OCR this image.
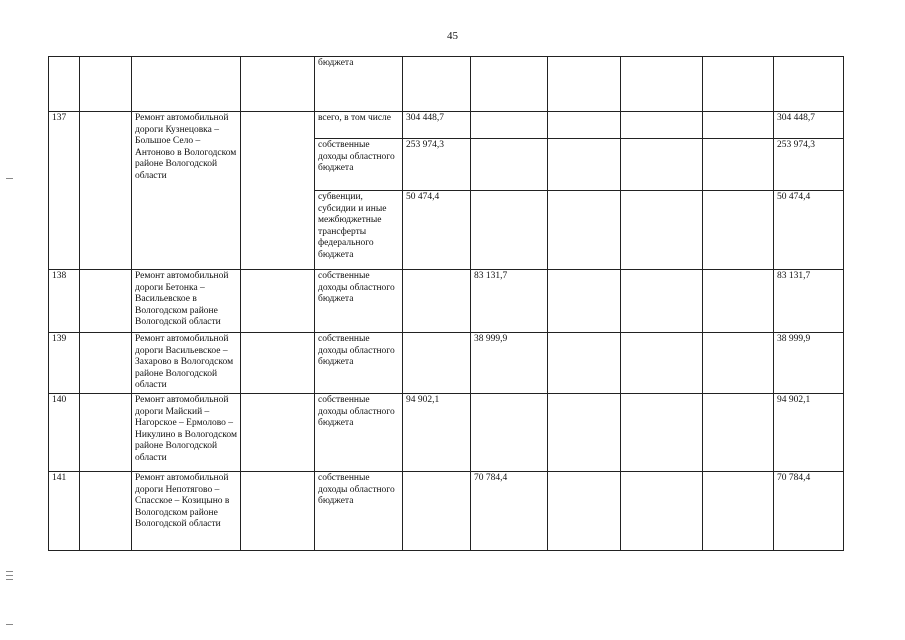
45
				бюджета						
137		Ремонт автомобильной дороги Кузнецовка – Большое Село – Антоново в Вологодском районе Вологодской области		всего, в том числе	304 448,7					304 448,7
				собственные доходы областного бюджета	253 974,3					253 974,3
				субвенции, субсидии и иные межбюджетные трансферты федерального бюджета	50 474,4					50 474,4
138		Ремонт автомобильной дороги Бетонка – Васильевское в Вологодском районе Вологодской области		собственные доходы областного бюджета		83 131,7				83 131,7
139		Ремонт автомобильной дороги Васильевское – Захарово в Вологодском районе Вологодской области		собственные доходы областного бюджета		38 999,9				38 999,9
140		Ремонт автомобильной дороги Майский – Нагорское – Ермолово – Никулино в Вологодском районе Вологодской области		собственные доходы областного бюджета	94 902,1					94 902,1
141		Ремонт автомобильной дороги Непотягово – Спасское – Козицыно в Вологодском районе Вологодской области		собственные доходы областного бюджета		70 784,4				70 784,4
